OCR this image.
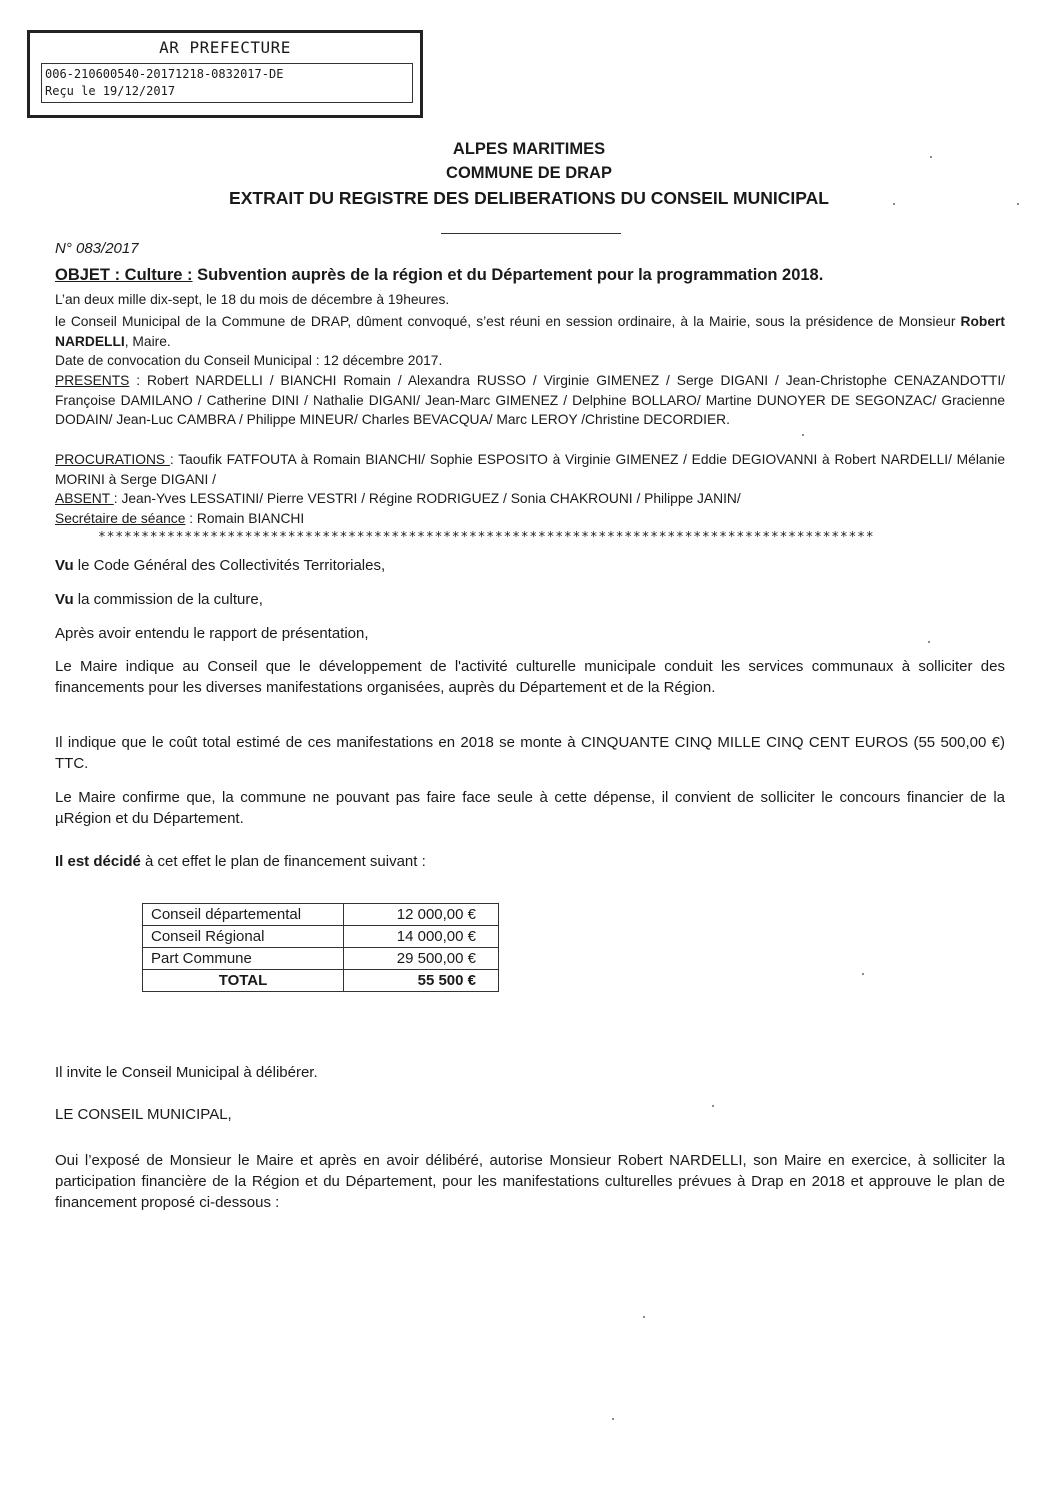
AR PREFECTURE
006-210600540-20171218-0832017-DE
Reçu le 19/12/2017
ALPES MARITIMES
COMMUNE DE DRAP
EXTRAIT DU REGISTRE DES DELIBERATIONS DU CONSEIL MUNICIPAL
N° 083/2017
OBJET : Culture : Subvention auprès de la région et du Département pour la programmation 2018.
L’an deux mille dix-sept, le 18 du mois de décembre à 19heures.
le Conseil Municipal de la Commune de DRAP, dûment convoqué, s’est réuni en session ordinaire, à la Mairie, sous la présidence de Monsieur Robert NARDELLI, Maire.
Date de convocation du Conseil Municipal : 12 décembre 2017.
PRESENTS : Robert NARDELLI / BIANCHI Romain / Alexandra RUSSO / Virginie GIMENEZ / Serge DIGANI / Jean-Christophe CENAZANDOTTI/ Françoise DAMILANO / Catherine DINI / Nathalie DIGANI/ Jean-Marc GIMENEZ / Delphine BOLLARO/ Martine DUNOYER DE SEGONZAC/ Gracienne DODAIN/ Jean-Luc CAMBRA / Philippe MINEUR/ Charles BEVACQUA/ Marc LEROY /Christine DECORDIER.
PROCURATIONS : Taoufik FATFOUTA à Romain BIANCHI/ Sophie ESPOSITO à Virginie GIMENEZ / Eddie DEGIOVANNI à Robert NARDELLI/ Mélanie MORINI à Serge DIGANI /
ABSENT : Jean-Yves LESSATINI/ Pierre VESTRI / Régine RODRIGUEZ / Sonia CHAKROUNI / Philippe JANIN/
Secrétaire de séance : Romain BIANCHI
******************************************************************************************
Vu le Code Général des Collectivités Territoriales,
Vu la commission de la culture,
Après avoir entendu le rapport de présentation,
Le Maire indique au Conseil que le développement de l'activité culturelle municipale conduit les services communaux à solliciter des financements pour les diverses manifestations organisées, auprès du Département et de la Région.
Il indique que le coût total estimé de ces manifestations en 2018 se monte à CINQUANTE CINQ MILLE CINQ CENT EUROS (55 500,00 €) TTC.
Le Maire confirme que, la commune ne pouvant pas faire face seule à cette dépense, il convient de solliciter le concours financier de la µRégion et du Département.
Il est décidé à cet effet le plan de financement suivant :
Conseil départemental	12 000,00 €
Conseil Régional	14 000,00 €
Part Commune	29 500,00 €
TOTAL	55 500 €
Il invite le Conseil Municipal à délibérer.
LE CONSEIL MUNICIPAL,
Oui l’exposé de Monsieur le Maire et après en avoir délibéré, autorise Monsieur Robert NARDELLI, son Maire en exercice, à solliciter la participation financière de la Région et du Département, pour les manifestations culturelles prévues à Drap en 2018 et approuve le plan de financement proposé ci-dessous :
